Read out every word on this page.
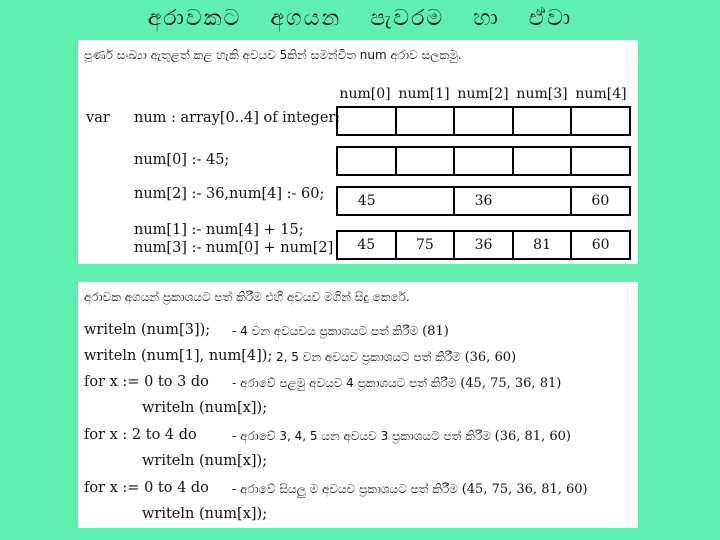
අරාවකට අගයන පැවරම හා ඒවා
පූර්ණ සංඛ්‍යා ඇතුළත් කළ හැකි අවයව 5කින් සමන්විත num අරාව සලකමු.
num[0] num[1] num[2] num[3] num[4]
var num : array[0..4] of integer;
num[0] :- 45;
num[2] :- 36,num[4] :- 60;	45	36	60
num[1] :- num[4] + 15;
num[3] :- num[0] + num[2]	45	75	36	81	60
අරාවක අගයන් ප්‍රකාශයට පත් කිරීම එහි අවයව මගින් සිදු කෙරේ.
writeln (num[3]); - 4 වන අවයවය ප්‍රකාශයට පත් කිරීම (81)
writeln (num[1], num[4]); 2, 5 වන අවයව ප්‍රකාශයට පත් කිරීම (36, 60)
for x := 0 to 3 do - අරාවේ පළමු අවයව 4 ප්‍රකාශයට පත් කිරීම (45, 75, 36, 81)
writeln (num[x]);
for x : 2 to 4 do	- අරාවේ 3, 4, 5 යන අවයව 3 ප්‍රකාශයට පත් කිරීම (36, 81, 60)
writeln (num[x]);
for x := 0 to 4 do - අරාවේ සියලු ම අවයව ප්‍රකාශයට පත් කිරීම (45, 75, 36, 81, 60)
writeln (num[x]);
